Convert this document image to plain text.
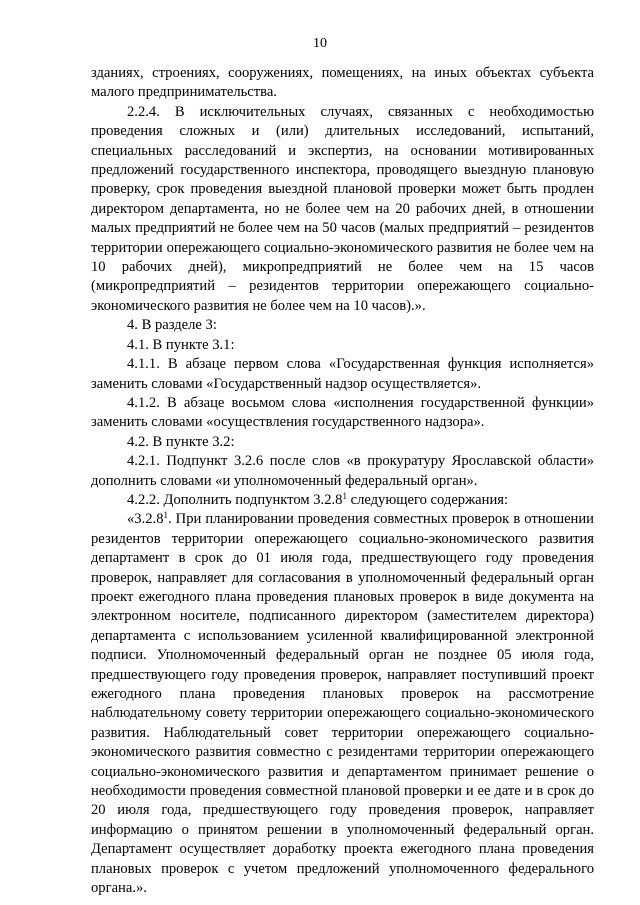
10

зданиях, строениях, сооружениях, помещениях, на иных объектах субъекта малого предпринимательства.

2.2.4. В исключительных случаях, связанных с необходимостью проведения сложных и (или) длительных исследований, испытаний, специальных расследований и экспертиз, на основании мотивированных предложений государственного инспектора, проводящего выездную плановую проверку, срок проведения выездной плановой проверки может быть продлен директором департамента, но не более чем на 20 рабочих дней, в отношении малых предприятий не более чем на 50 часов (малых предприятий – резидентов территории опережающего социально-экономического развития не более чем на 10 рабочих дней), микропредприятий не более чем на 15 часов (микропредприятий – резидентов территории опережающего социально-экономического развития не более чем на 10 часов).».

4. В разделе 3:

4.1. В пункте 3.1:

4.1.1. В абзаце первом слова «Государственная функция исполняется» заменить словами «Государственный надзор осуществляется».

4.1.2. В абзаце восьмом слова «исполнения государственной функции» заменить словами «осуществления государственного надзора».

4.2. В пункте 3.2:

4.2.1. Подпункт 3.2.6 после слов «в прокуратуру Ярославской области» дополнить словами «и уполномоченный федеральный орган».

4.2.2. Дополнить подпунктом 3.2.8$^1$ следующего содержания:

«3.2.8$^1$. При планировании проведения совместных проверок в отношении резидентов территории опережающего социально-экономического развития департамент в срок до 01 июля года, предшествующего году проведения проверок, направляет для согласования в уполномоченный федеральный орган проект ежегодного плана проведения плановых проверок в виде документа на электронном носителе, подписанного директором (заместителем директора) департамента с использованием усиленной квалифицированной электронной подписи. Уполномоченный федеральный орган не позднее 05 июля года, предшествующего году проведения проверок, направляет поступивший проект ежегодного плана проведения плановых проверок на рассмотрение наблюдательному совету территории опережающего социально-экономического развития. Наблюдательный совет территории опережающего социально-экономического развития совместно с резидентами территории опережающего социально-экономического развития и департаментом принимает решение о необходимости проведения совместной плановой проверки и ее дате и в срок до 20 июля года, предшествующего году проведения проверок, направляет информацию о принятом решении в уполномоченный федеральный орган. Департамент осуществляет доработку проекта ежегодного плана проведения плановых проверок с учетом предложений уполномоченного федерального органа.».
